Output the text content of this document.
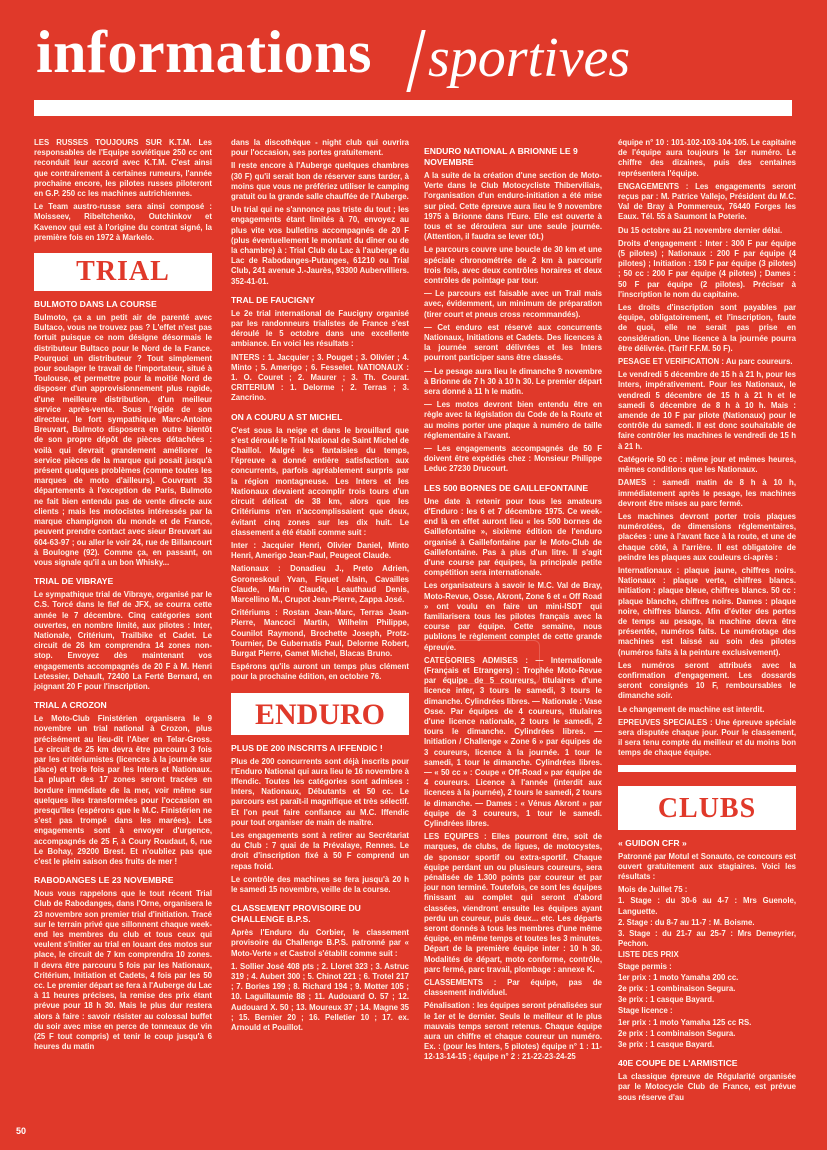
informations sportives

LES RUSSES TOUJOURS SUR K.T.M. Les responsables de l'Equipe soviétique 250 cc ont reconduit leur accord avec K.T.M. C'est ainsi que contrairement à certaines rumeurs, l'année prochaine encore, les pilotes russes piloteront en G.P. 250 cc les machines autrichiennes.

Le Team austro-russe sera ainsi composé : Moisseev, Ribeltchenko, Outchinkov et Kavenov qui est à l'origine du contrat signé, la première fois en 1972 à Markelo.

TRIAL
BULMOTO DANS LA COURSE

Bulmoto, ça a un petit air de parenté avec Bultaco, vous ne trouvez pas ? L'effet n'est pas fortuit puisque ce nom désigne désormais le distributeur Bultaco pour le Nord de la France. Pourquoi un distributeur ? Tout simplement pour soulager le travail de l'importateur, situé à Toulouse, et permettre pour la moitié Nord de disposer d'un approvisionnement plus rapide, d'une meilleure distribution, d'un meilleur service après-vente. Sous l'égide de son directeur, le fort sympathique Marc-Antoine Breuvart, Bulmoto disposera en outre bientôt de son propre dépôt de pièces détachées : voilà qui devrait grandement améliorer le service pièces de la marque qui posait jusqu'à présent quelques problèmes (comme toutes les marques de moto d'ailleurs). Couvrant 33 départements à l'exception de Paris, Bulmoto ne fait bien entendu pas de vente directe aux clients ; mais les motocistes intéressés par la marque champignon du monde et de France, peuvent prendre contact avec sieur Breuvart au 604-63-97 ; ou aller le voir 24, rue de Billancourt à Boulogne (92). Comme ça, en passant, on vous signale qu'il a un bon Whisky...

TRIAL DE VIBRAYE

Le sympathique trial de Vibraye, organisé par le C.S. Torcé dans le fief de JFX, se courra cette année le 7 décembre. Cinq catégories sont ouvertes, en nombre limité, aux pilotes : Inter, Nationale, Critérium, Trailbike et Cadet. Le circuit de 26 km comprendra 14 zones non-stop. Envoyez dès maintenant vos engagements accompagnés de 20 F à M. Henri Letessier, Dehault, 72400 La Ferté Bernard, en joignant 20 F pour l'inscription.

TRIAL A CROZON

Le Moto-Club Finistérien organisera le 9 novembre un trial national à Crozon, plus précisément au lieu-dit l'Aber en Telar-Gross. Le circuit de 25 km devra être parcouru 3 fois par les critériumistes (licences à la journée sur place) et trois fois par les Inters et Nationaux. La plupart des 17 zones seront tracées en bordure immédiate de la mer, voir même sur quelques îles transformées pour l'occasion en presqu'îles (espérons que le M.C. Finistérien ne s'est pas trompé dans les marées). Les engagements sont à envoyer d'urgence, accompagnés de 25 F, à Coury Roudaut, 6, rue Le Bohay, 29200 Brest. Et n'oubliez pas que c'est le plein saison des fruits de mer !

RABODANGES LE 23 NOVEMBRE

Nous vous rappelons que le tout récent Trial Club de Rabodanges, dans l'Orne, organisera le 23 novembre son premier trial d'initiation. Tracé sur le terrain privé que sillonnent chaque week-end les membres du club et tous ceux qui veulent s'initier au trial en louant des motos sur place, le circuit de 7 km comprendra 10 zones. Il devra être parcouru 5 fois par les Nationaux, Critérium, Initiation et Cadets, 4 fois par les 50 cc. Le premier départ se fera à l'Auberge du Lac à 11 heures précises, la remise des prix étant prévue pour 18 h 30. Mais le plus dur restera alors à faire : savoir résister au colossal buffet du soir avec mise en perce de tonneaux de vin (25 F tout compris) et tenir le coup jusqu'à 6 heures du matin

dans la discothèque - night club qui ouvrira pour l'occasion, ses portes gratuitement.

Il reste encore à l'Auberge quelques chambres (30 F) qu'il serait bon de réserver sans tarder, à moins que vous ne préfériez utiliser le camping gratuit ou la grande salle chauffée de l'Auberge.

Un trial qui ne s'annonce pas triste du tout ; les engagements étant limités à 70, envoyez au plus vite vos bulletins accompagnés de 20 F (plus éventuellement le montant du dîner ou de la chambre) à : Trial Club du Lac à l'auberge du Lac de Rabodanges-Putanges, 61210 ou Trial Club, 241 avenue J.-Jaurès, 93300 Aubervilliers. 352-41-01.

TRAL DE FAUCIGNY

Le 2e trial international de Faucigny organisé par les randonneurs trialistes de France s'est déroulé le 5 octobre dans une excellente ambiance. En voici les résultats :

INTERS : 1. Jacquier ; 3. Pouget ; 3. Olivier ; 4. Minto ; 5. Amerigo ; 6. Fesselet. NATIONAUX : 1. O. Couret ; 2. Maurer ; 3. Th. Courat. CRITERIUM : 1. Delorme ; 2. Terras ; 3. Zancrino.

ON A COURU A ST MICHEL

C'est sous la neige et dans le brouillard que s'est déroulé le Trial National de Saint Michel de Chaillol. Malgré les fantaisies du temps, l'épreuve a donné entière satisfaction aux concurrents, parfois agréablement surpris par la région montagneuse. Les Inters et les Nationaux devaient accomplir trois tours d'un circuit délicat de 38 km, alors que les Critériums n'en n'accomplissaient que deux, évitant cinq zones sur les dix huit. Le classement a été établi comme suit :

Inter : Jacquier Henri, Olivier Daniel, Minto Henri, Amerigo Jean-Paul, Peugeot Claude.

Nationaux : Donadieu J., Preto Adrien, Goroneskoul Yvan, Fiquet Alain, Cavailles Claude, Marin Claude, Leauthaud Denis, Marcellino M., Crupot Jean-Pierre, Zappa José.

Critériums : Rostan Jean-Marc, Terras Jean-Pierre, Mancoci Martin, Wilhelm Philippe, Counilot Raymond, Brochette Joseph, Protz-Tournier, De Gubernatis Paul, Delorme Robert, Burgat Pierre, Gamet Michel, Blacas Bruno.

Espérons qu'ils auront un temps plus clément pour la prochaine édition, en octobre 76.

ENDURO
PLUS DE 200 INSCRITS A IFFENDIC !

Plus de 200 concurrents sont déjà inscrits pour l'Enduro National qui aura lieu le 16 novembre à Iffendic. Toutes les catégories sont admises : Inters, Nationaux, Débutants et 50 cc. Le parcours est paraît-il magnifique et très sélectif. Et l'on peut faire confiance au M.C. Iffendic pour tout organiser de main de maître.

Les engagements sont à retirer au Secrétariat du Club : 7 quai de la Prévalaye, Rennes. Le droit d'inscription fixé à 50 F comprend un repas froid.

Le contrôle des machines se fera jusqu'à 20 h le samedi 15 novembre, veille de la course.

CLASSEMENT PROVISOIRE DU CHALLENGE B.P.S.

Après l'Enduro du Corbier, le classement provisoire du Challenge B.P.S. patronné par « Moto-Verte » et Castrol s'établit comme suit :

1. Sollier José 408 pts ; 2. Lloret 323 ; 3. Astruc 319 ; 4. Aubert 300 ; 5. Chinot 221 ; 6. Trotel 217 ; 7. Bories 199 ; 8. Richard 194 ; 9. Motter 105 ; 10. Laguillaumie 88 ; 11. Audouard O. 57 ; 12. Audouard X. 50 ; 13. Moureux 37 ; 14. Magne 35 ; 15. Bernier 20 ; 16. Pelletier 10 ; 17. ex. Arnould et Pouillot.

ENDURO NATIONAL A BRIONNE LE 9 NOVEMBRE

A la suite de la création d'une section de Moto-Verte dans le Club Motocycliste Thiberviliais, l'organisation d'un enduro-initiation a été mise sur pied. Cette épreuve aura lieu le 9 novembre 1975 à Brionne dans l'Eure. Elle est ouverte à tous et se déroulera sur une seule journée. (Attention, il faudra se lever tôt.)

Le parcours couvre une boucle de 30 km et une spéciale chronométrée de 2 km à parcourir trois fois, avec deux contrôles horaires et deux contrôles de pointage par tour.

— Le parcours est faisable avec un Trail mais avec, évidemment, un minimum de préparation (tirer court et pneus cross recommandés).

— Cet enduro est réservé aux concurrents Nationaux, Initiations et Cadets. Des licences à la journée seront délivrées et les Inters pourront participer sans être classés.

— Le pesage aura lieu le dimanche 9 novembre à Brionne de 7 h 30 à 10 h 30. Le premier départ sera donné à 11 h le matin.

— Les motos devront bien entendu être en règle avec la législation du Code de la Route et au moins porter une plaque à numéro de taille réglementaire à l'avant.

— Les engagements accompagnés de 50 F doivent être expédiés chez : Monsieur Philippe Leduc 27230 Drucourt.

LES 500 BORNES DE GAILLEFONTAINE

Une date à retenir pour tous les amateurs d'Enduro : les 6 et 7 décembre 1975. Ce week-end là en effet auront lieu « les 500 bornes de Gaillefontaine », sixième édition de l'enduro organisé à Gaillefontaine par le Moto-Club de Gaillefontaine. Pas à plus d'un litre. Il s'agit d'une course par équipes, la principale petite compétition sera internationale.

Les organisateurs à savoir le M.C. Val de Bray, Moto-Revue, Osse, Akront, Zone 6 et « Off Road » ont voulu en faire un mini-ISDT qui familiarisera tous les pilotes français avec la course par équipe. Cette semaine, nous publions le règlement complet de cette grande épreuve.

CATEGORIES ADMISES : — Internationale (Français et Etrangers) : Trophée Moto-Revue par équipe de 5 coureurs, titulaires d'une licence inter, 3 tours le samedi, 3 tours le dimanche. Cylindrées libres. — Nationale : Vase Osse. Par équipes de 4 coureurs, titulaires d'une licence nationale, 2 tours le samedi, 2 tours le dimanche. Cylindrées libres. — Initiation / Challenge « Zone 6 » par équipes de 3 coureurs, licence à la journée. 1 tour le samedi, 1 tour le dimanche. Cylindrées libres. — « 50 cc » : Coupe « Off-Road » par équipe de 4 coureurs. Licence à l'année (interdit aux licences à la journée), 2 tours le samedi, 2 tours le dimanche. — Dames : « Vénus Akront » par équipe de 3 coureurs, 1 tour le samedi. Cylindrées libres.

LES EQUIPES : Elles pourront être, soit de marques, de clubs, de ligues, de motocystes, de sponsor sportif ou extra-sportif. Chaque équipe perdant un ou plusieurs coureurs, sera pénalisée de 1.300 points par coureur et par jour non terminé. Toutefois, ce sont les équipes finissant au complet qui seront d'abord classées, viendront ensuite les équipes ayant perdu un coureur, puis deux... etc. Les départs seront donnés à tous les membres d'une même équipe, en même temps et toutes les 3 minutes. Départ de la première équipe inter : 10 h 30. Modalités de départ, moto conforme, contrôle, parc fermé, parc travail, plombage : annexe K.

CLASSEMENTS : Par équipe, pas de classement individuel.

Pénalisation : les équipes seront pénalisées sur le 1er et le dernier. Seuls le meilleur et le plus mauvais temps seront retenus. Chaque équipe aura un chiffre et chaque coureur un numéro. Ex. : (pour les Inters, 5 pilotes) équipe n° 1 : 11-12-13-14-15 ; équipe n° 2 : 21-22-23-24-25

équipe n° 10 : 101-102-103-104-105. Le capitaine de l'équipe aura toujours le 1er numéro. Le chiffre des dizaines, puis des centaines représentera l'équipe.

ENGAGEMENTS : Les engagements seront reçus par : M. Patrice Vallejo, Président du M.C. Val de Bray à Pommereux, 76440 Forges les Eaux. Tél. 55 à Saumont la Poterie.

Du 15 octobre au 21 novembre dernier délai.

Droits d'engagement : Inter : 300 F par équipe (5 pilotes) ; Nationaux : 200 F par équipe (4 pilotes) ; Initiation : 150 F par équipe (3 pilotes) ; 50 cc : 200 F par équipe (4 pilotes) ; Dames : 50 F par équipe (2 pilotes). Préciser à l'inscription le nom du capitaine.

Les droits d'inscription sont payables par équipe, obligatoirement, et l'inscription, faute de quoi, elle ne serait pas prise en considération. Une licence à la journée pourra être délivrée. (Tarif F.F.M. 50 F).

PESAGE ET VERIFICATION : Au parc coureurs.

Le vendredi 5 décembre de 15 h à 21 h, pour les Inters, impérativement. Pour les Nationaux, le vendredi 5 décembre de 15 h à 21 h et le samedi 6 décembre de 8 h à 10 h. Mais : amende de 10 F par pilote (Nationaux) pour le contrôle du samedi. Il est donc souhaitable de faire contrôler les machines le vendredi de 15 h à 21 h.

Catégorie 50 cc : même jour et mêmes heures, mêmes conditions que les Nationaux.

DAMES : samedi matin de 8 h à 10 h, immédiatement après le pesage, les machines devront être mises au parc fermé.

Les machines devront porter trois plaques numérotées, de dimensions réglementaires, placées : une à l'avant face à la route, et une de chaque côté, à l'arrière. Il est obligatoire de peindre les plaques aux couleurs ci-après :

Internationaux : plaque jaune, chiffres noirs. Nationaux : plaque verte, chiffres blancs. Initiation : plaque bleue, chiffres blancs. 50 cc : plaque blanche, chiffres noirs. Dames : plaque noire, chiffres blancs. Afin d'éviter des pertes de temps au pesage, la machine devra être présentée, numéros faits. Le numérotage des machines est laissé au soin des pilotes (numéros faits à la peinture exclusivement).

Les numéros seront attribués avec la confirmation d'engagement. Les dossards seront consignés 10 F, remboursables le dimanche soir.

Le changement de machine est interdit.

EPREUVES SPECIALES : Une épreuve spéciale sera disputée chaque jour. Pour le classement, il sera tenu compte du meilleur et du moins bon temps de chaque équipe.

CLUBS
« GUIDON CFR »

Patronné par Motul et Sonauto, ce concours est ouvert gratuitement aux stagiaires. Voici les résultats :

Mois de Juillet 75 :

1. Stage : du 30-6 au 4-7 : Mrs Guenole, Languette.

2. Stage : du 8-7 au 11-7 : M. Boisme.

3. Stage : du 21-7 au 25-7 : Mrs Demeyrier, Pechon.

LISTE DES PRIX

Stage permis :

1er prix : 1 moto Yamaha 200 cc.

2e prix : 1 combinaison Segura.

3e prix : 1 casque Bayard.

Stage licence :

1er prix : 1 moto Yamaha 125 cc RS.

2e prix : 1 combinaison Segura.

3e prix : 1 casque Bayard.

40E COUPE DE L'ARMISTICE

La classique épreuve de Régularité organisée par le Motocycle Club de France, est prévue sous réserve d'au

50
